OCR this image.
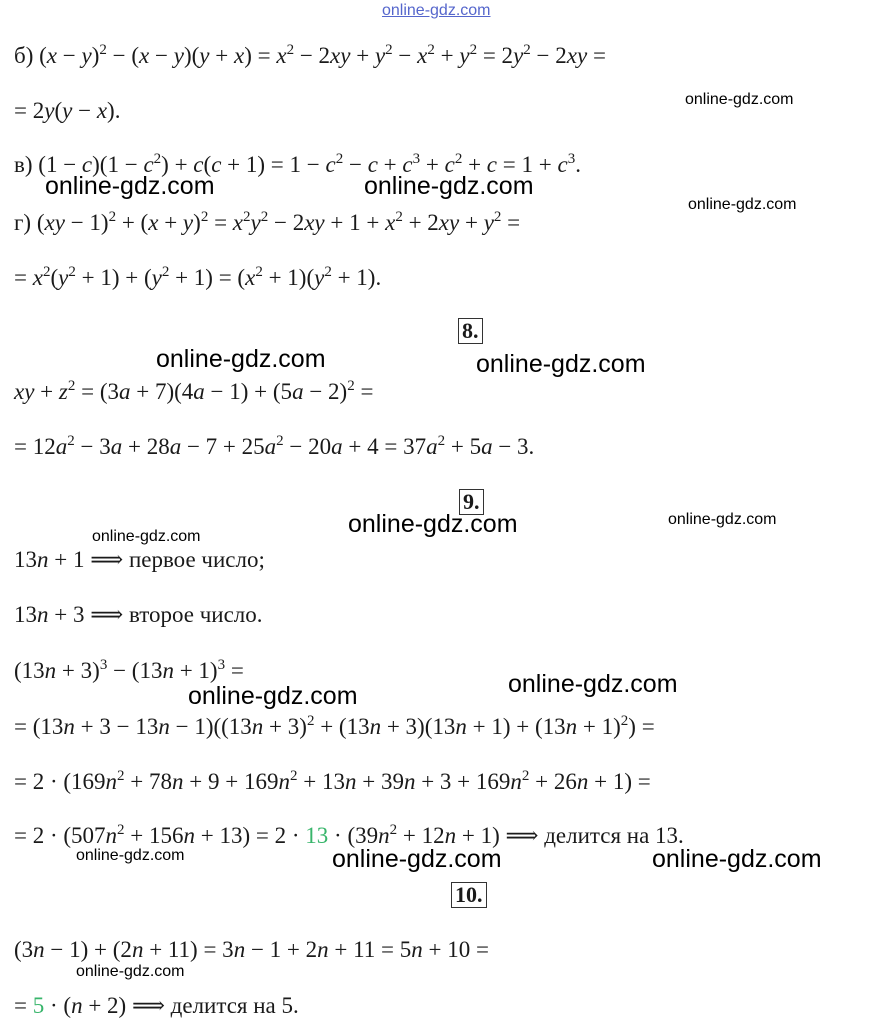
online-gdz.com
б) $(x - y)^2 - (x - y)(y + x) = x^2 - 2xy + y^2 - x^2 + y^2 = 2y^2 - 2xy$ =
= 2y(y − x).
в) $(1 - c)(1 - c^2) + c(c + 1) = 1 - c^2 - c + c^3 + c^2 + c = 1 + c^3$.
г) $(xy - 1)^2 + (x + y)^2 = x^2y^2 - 2xy + 1 + x^2 + 2xy + y^2$ =
= $x^2(y^2 + 1) + (y^2 + 1) = (x^2 + 1)(y^2 + 1)$.
8.
xy + $z^2 = (3a + 7)(4a - 1) + (5a - 2)^2$ =
= $12a^2 - 3a + 28a - 7 + 25a^2 - 20a + 4 = 37a^2 + 5a - 3$.
9.
13n + 1 ⟹ первое число;
13n + 3 ⟹ второе число.
$(13n + 3)^3 - (13n + 1)^3$ =
= $(13n + 3 - 13n - 1)((13n + 3)^2 + (13n + 3)(13n + 1) + (13n + 1)^2)$ =
= $2 \cdot (169n^2 + 78n + 9 + 169n^2 + 13n + 39n + 3 + 169n^2 + 26n + 1)$ =
= $2 \cdot (507n^2 + 156n + 13) = 2 \cdot 13 \cdot (39n^2 + 12n + 1)$ ⟹ делится на 13.
10.
(3n − 1) + (2n + 11) = 3n − 1 + 2n + 11 = 5n + 10 =
= 5 · (n + 2) ⟹ делится на 5.
online-gdz.com
online-gdz.com	online-gdz.com
online-gdz.com
online-gdz.com	online-gdz.com
online-gdz.com	online-gdz.com	online-gdz.com
online-gdz.com	online-gdz.com
online-gdz.com	online-gdz.com	online-gdz.com
online-gdz.com
